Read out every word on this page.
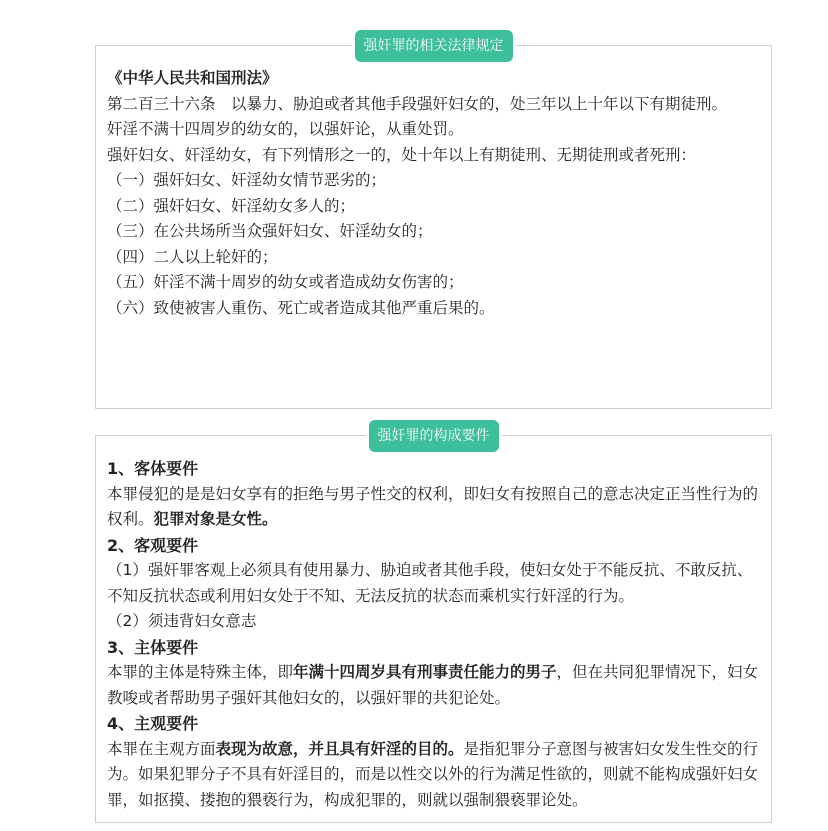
强奸罪的相关法律规定
《中华人民共和国刑法》
第二百三十六条　以暴力、胁迫或者其他手段强奸妇女的，处三年以上十年以下有期徒刑。
奸淫不满十四周岁的幼女的，以强奸论，从重处罚。
强奸妇女、奸淫幼女，有下列情形之一的，处十年以上有期徒刑、无期徒刑或者死刑：
（一）强奸妇女、奸淫幼女情节恶劣的；
（二）强奸妇女、奸淫幼女多人的；
（三）在公共场所当众强奸妇女、奸淫幼女的；
（四）二人以上轮奸的；
（五）奸淫不满十周岁的幼女或者造成幼女伤害的；
（六）致使被害人重伤、死亡或者造成其他严重后果的。
强奸罪的构成要件
1、客体要件
本罪侵犯的是是妇女享有的拒绝与男子性交的权利，即妇女有按照自己的意志决定正当性行为的权利。犯罪对象是女性。
2、客观要件
（1）强奸罪客观上必须具有使用暴力、胁迫或者其他手段，使妇女处于不能反抗、不敢反抗、不知反抗状态或利用妇女处于不知、无法反抗的状态而乘机实行奸淫的行为。
（2）须违背妇女意志
3、主体要件
本罪的主体是特殊主体，即年满十四周岁具有刑事责任能力的男子，但在共同犯罪情况下，妇女教唆或者帮助男子强奸其他妇女的，以强奸罪的共犯论处。
4、主观要件
本罪在主观方面表现为故意，并且具有奸淫的目的。是指犯罪分子意图与被害妇女发生性交的行为。如果犯罪分子不具有奸淫目的，而是以性交以外的行为满足性欲的，则就不能构成强奸妇女罪，如抠摸、搂抱的猥亵行为，构成犯罪的，则就以强制猥亵罪论处。
